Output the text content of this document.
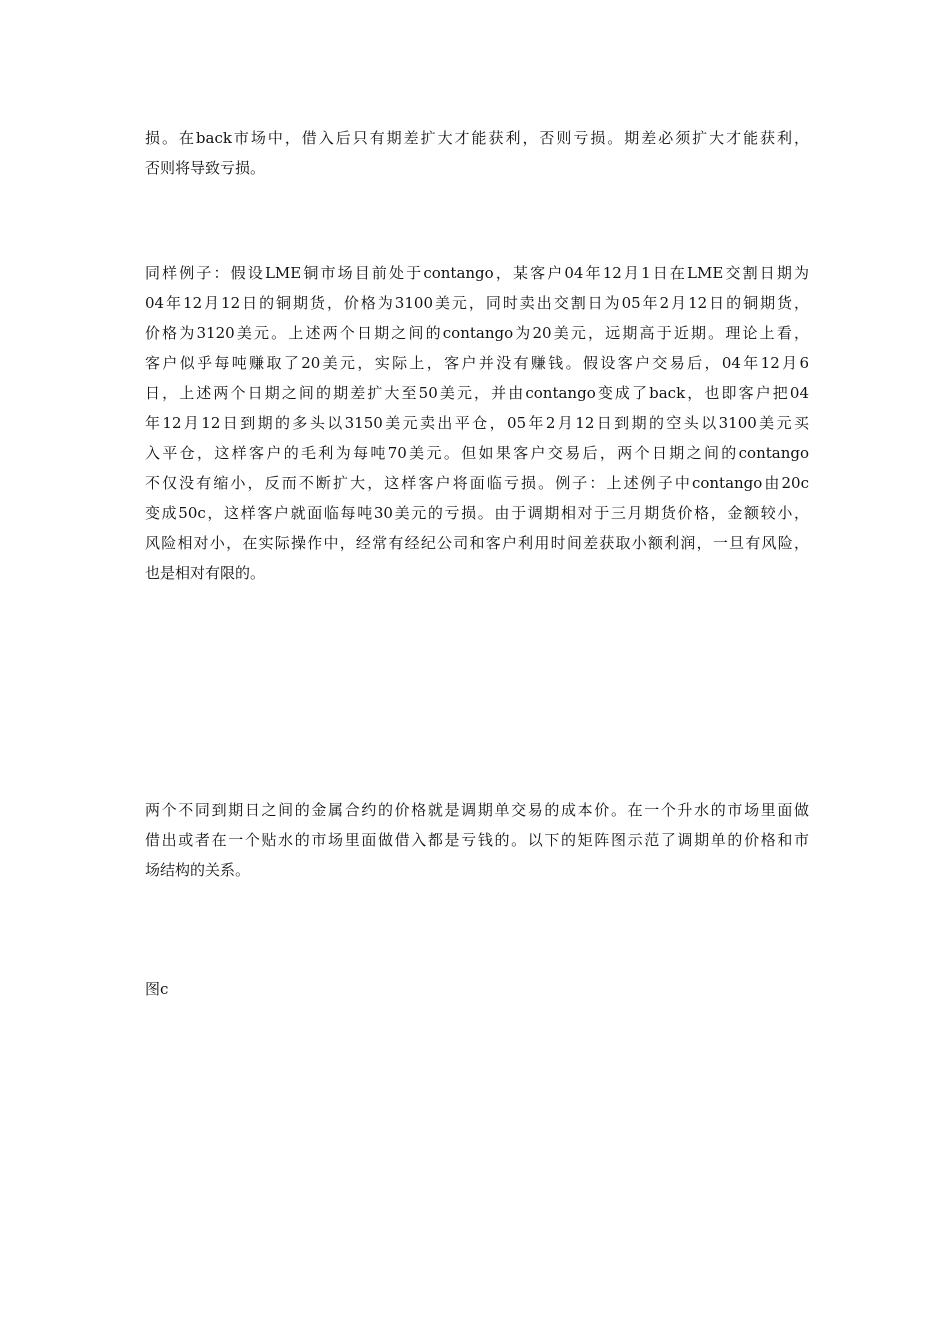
损。在back市场中，借入后只有期差扩大才能获利，否则亏损。期差必须扩大才能获利，
否则将导致亏损。
同样例子：假设LME铜市场目前处于contango，某客户04年12月1日在LME交割日期为
04年12月12日的铜期货，价格为3100美元，同时卖出交割日为05年2月12日的铜期货，
价格为3120美元。上述两个日期之间的contango为20美元，远期高于近期。理论上看，
客户似乎每吨赚取了20美元，实际上，客户并没有赚钱。假设客户交易后，04年12月6
日，上述两个日期之间的期差扩大至50美元，并由contango变成了back，也即客户把04
年12月12日到期的多头以3150美元卖出平仓，05年2月12日到期的空头以3100美元买
入平仓，这样客户的毛利为每吨70美元。但如果客户交易后，两个日期之间的contango
不仅没有缩小，反而不断扩大，这样客户将面临亏损。例子：上述例子中contango由20c
变成50c，这样客户就面临每吨30美元的亏损。由于调期相对于三月期货价格，金额较小，
风险相对小，在实际操作中，经常有经纪公司和客户利用时间差获取小额利润，一旦有风险，
也是相对有限的。
两个不同到期日之间的金属合约的价格就是调期单交易的成本价。在一个升水的市场里面做
借出或者在一个贴水的市场里面做借入都是亏钱的。以下的矩阵图示范了调期单的价格和市
场结构的关系。
图c
